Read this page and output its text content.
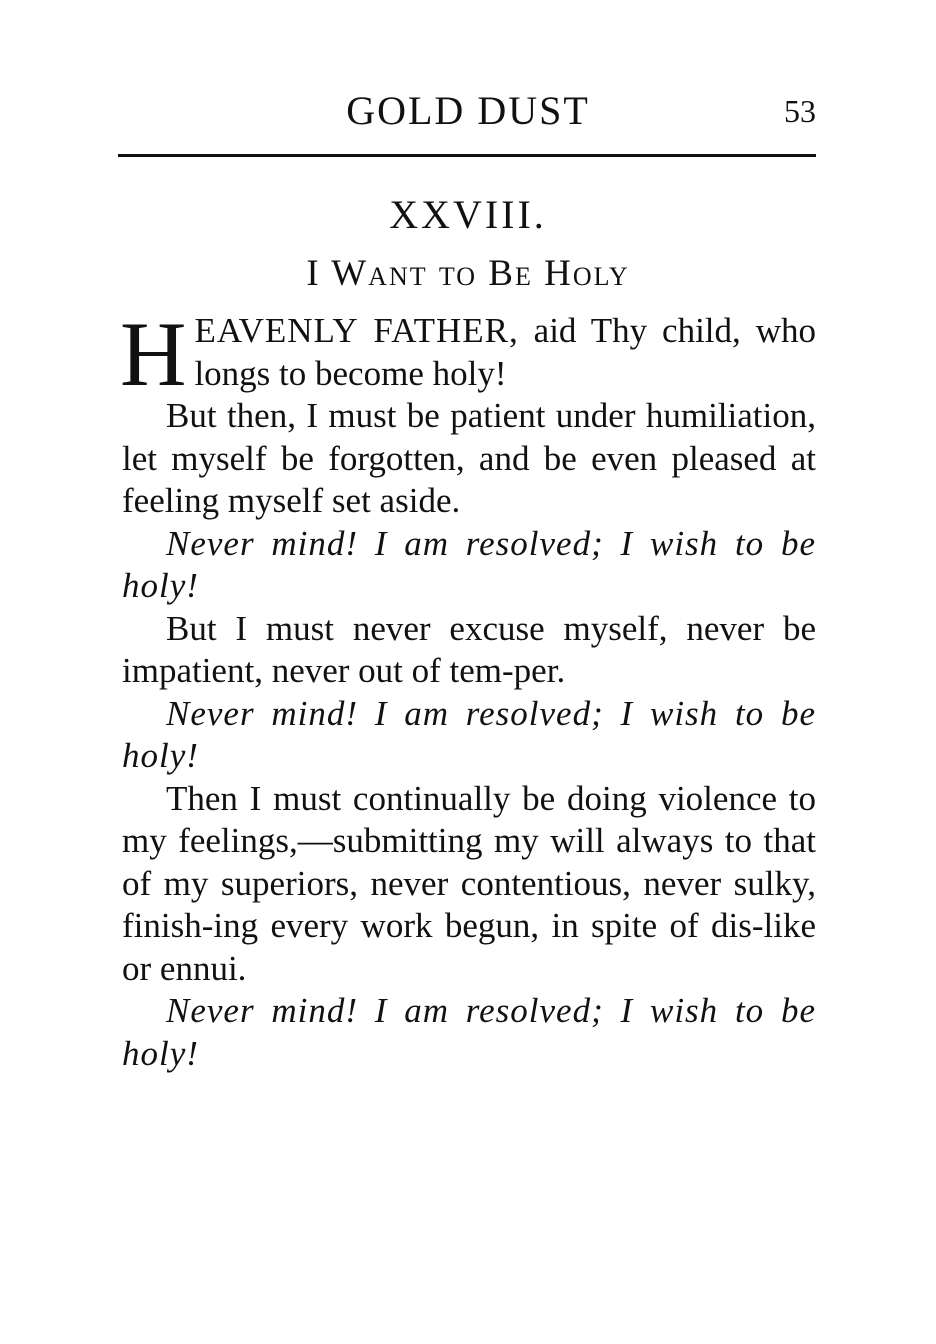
GOLD DUST	53
XXVIII.
I Want to Be Holy

HEAVENLY FATHER, aid Thy child, who longs to become holy!

But then, I must be patient under humiliation, let myself be forgotten, and be even pleased at feeling myself set aside.

Never mind! I am resolved; I wish to be holy!

But I must never excuse myself, never be impatient, never out of tem-per.

Never mind! I am resolved; I wish to be holy!

Then I must continually be doing violence to my feelings,—submitting my will always to that of my superiors, never contentious, never sulky, finish-ing every work begun, in spite of dis-like or ennui.

Never mind! I am resolved; I wish to be holy!
